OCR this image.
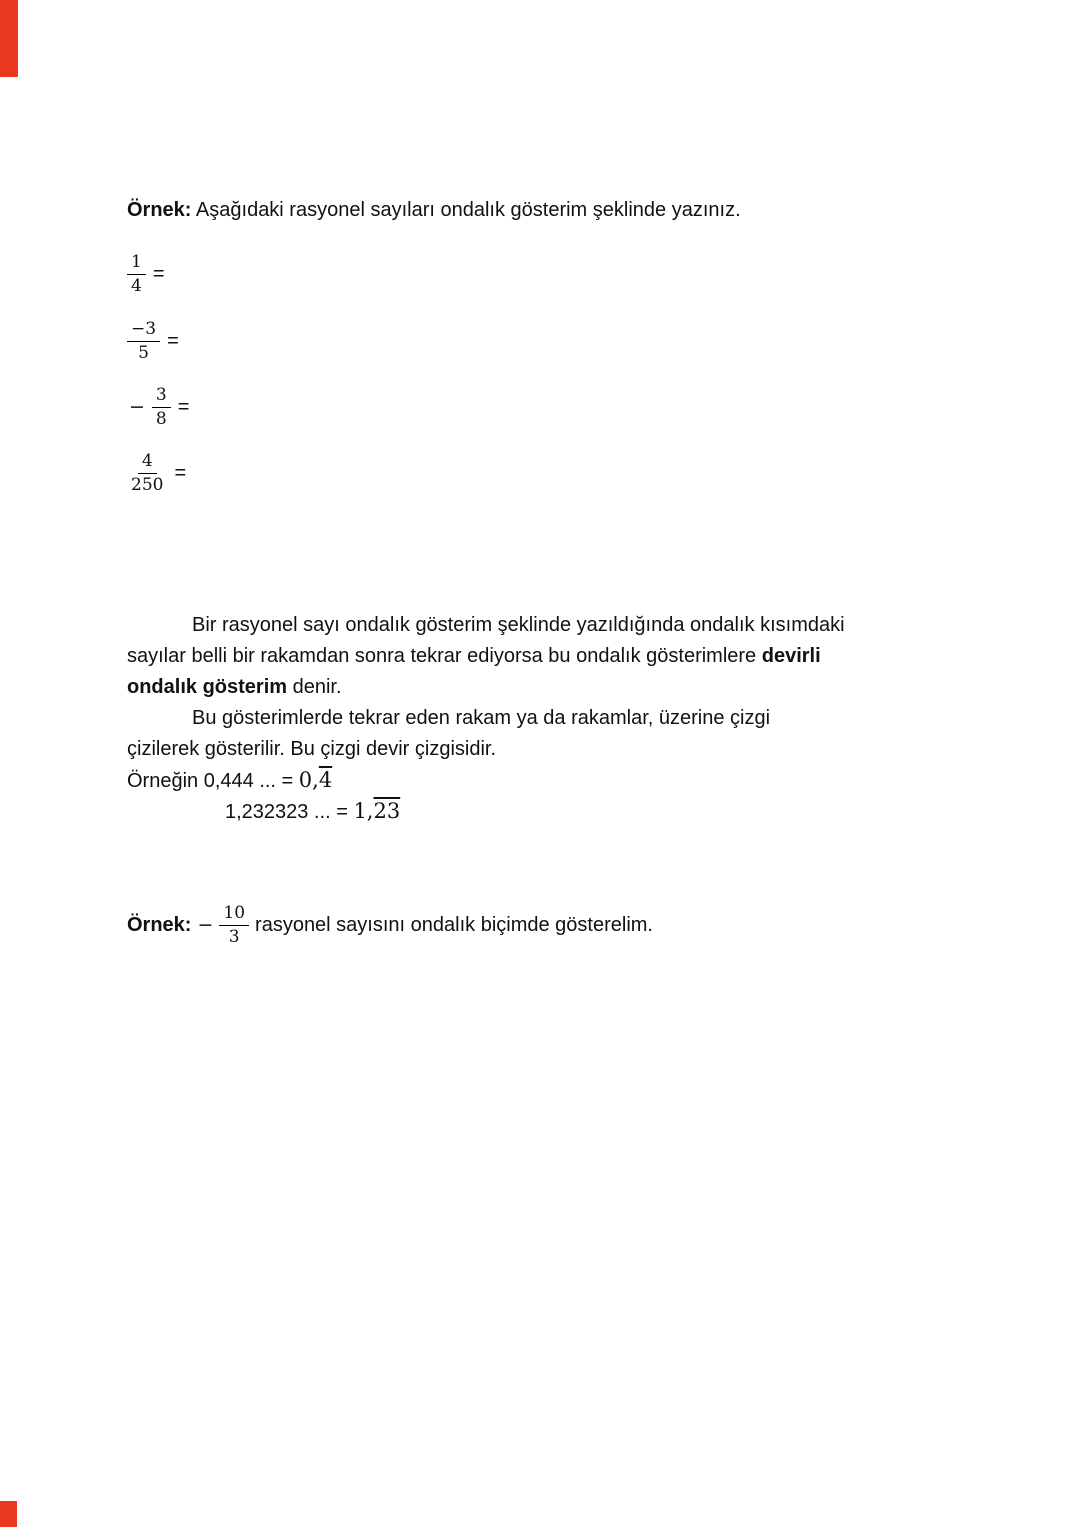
Örnek: Aşağıdaki rasyonel sayıları ondalık gösterim şeklinde yazınız.
$\frac{1}{4}$ =
$\frac{-3}{5}$ =
− $\frac{3}{8}$ =
$\frac{4}{250}$ =
Bir rasyonel sayı ondalık gösterim şeklinde yazıldığında ondalık kısımdaki
sayılar belli bir rakamdan sonra tekrar ediyorsa bu ondalık gösterimlere devirli
ondalık gösterim denir.
Bu gösterimlerde tekrar eden rakam ya da rakamlar, üzerine çizgi
çizilerek gösterilir. Bu çizgi devir çizgisidir.
Örneğin 0,444 ... = 0,4
1,232323 ... = 1,23
Örnek: − $\frac{10}{3}$ rasyonel sayısını ondalık biçimde gösterelim.
